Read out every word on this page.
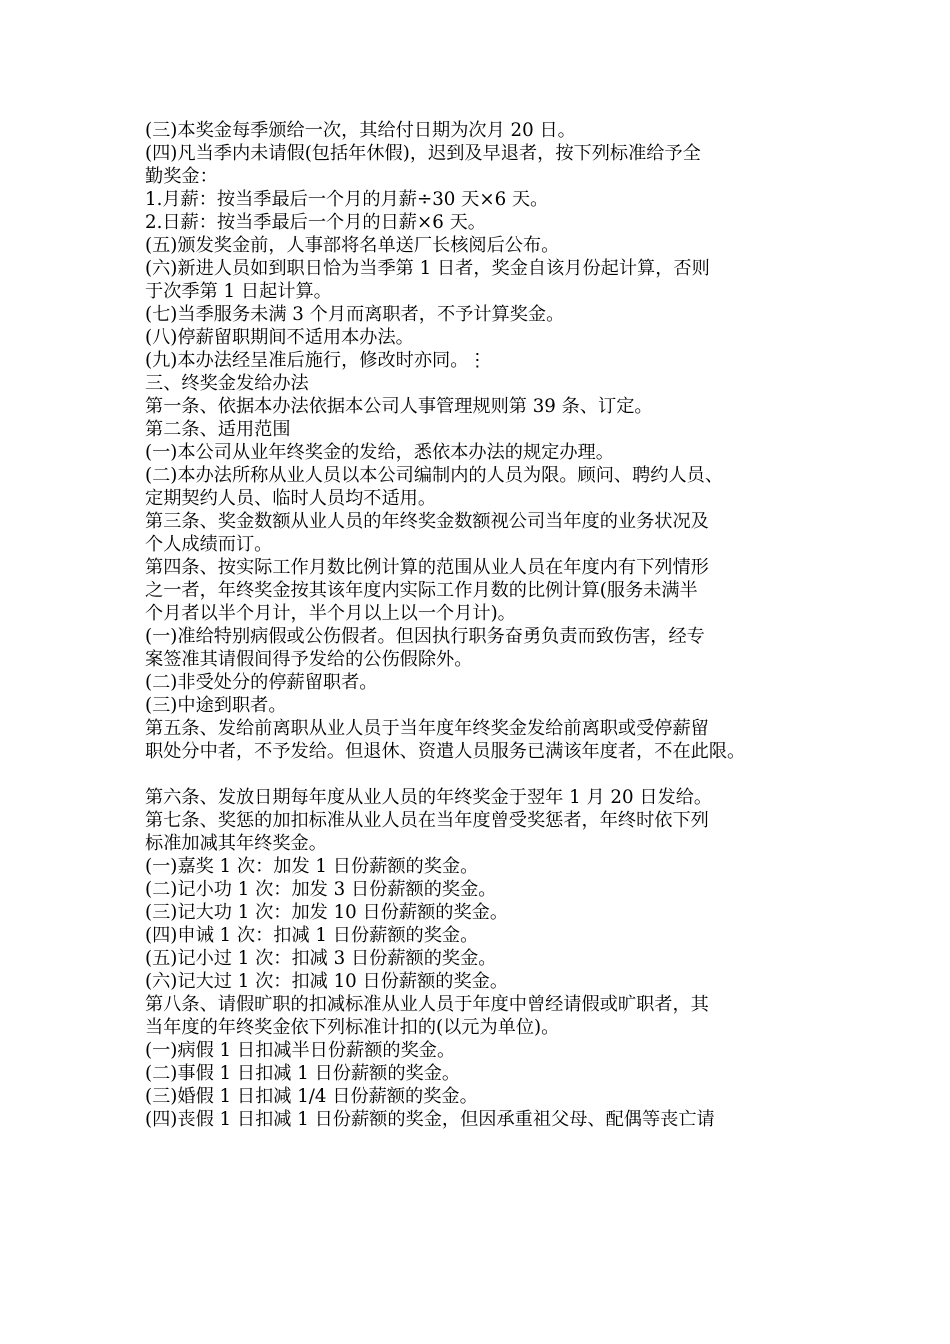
(三)本奖金每季颁给一次，其给付日期为次月 20 日。
(四)凡当季内未请假(包括年休假)，迟到及早退者，按下列标准给予全
勤奖金：
1.月薪：按当季最后一个月的月薪÷30 天×6 天。
2.日薪：按当季最后一个月的日薪×6 天。
(五)颁发奖金前，人事部将名单送厂长核阅后公布。
(六)新进人员如到职日恰为当季第 1 日者，奖金自该月份起计算，否则
于次季第 1 日起计算。
(七)当季服务未满 3 个月而离职者，不予计算奖金。
(八)停薪留职期间不适用本办法。
(九)本办法经呈准后施行，修改时亦同。⋮
三、终奖金发给办法
第一条、依据本办法依据本公司人事管理规则第 39 条、订定。
第二条、适用范围
(一)本公司从业年终奖金的发给，悉依本办法的规定办理。
(二)本办法所称从业人员以本公司编制内的人员为限。顾问、聘约人员、
定期契约人员、临时人员均不适用。
第三条、奖金数额从业人员的年终奖金数额视公司当年度的业务状况及
个人成绩而订。
第四条、按实际工作月数比例计算的范围从业人员在年度内有下列情形
之一者，年终奖金按其该年度内实际工作月数的比例计算(服务未满半
个月者以半个月计，半个月以上以一个月计)。
(一)准给特别病假或公伤假者。但因执行职务奋勇负责而致伤害，经专
案签准其请假间得予发给的公伤假除外。
(二)非受处分的停薪留职者。
(三)中途到职者。
第五条、发给前离职从业人员于当年度年终奖金发给前离职或受停薪留
职处分中者，不予发给。但退休、资遣人员服务已满该年度者，不在此限。
第六条、发放日期每年度从业人员的年终奖金于翌年 1 月 20 日发给。
第七条、奖惩的加扣标准从业人员在当年度曾受奖惩者，年终时依下列
标准加减其年终奖金。
(一)嘉奖 1 次：加发 1 日份薪额的奖金。
(二)记小功 1 次：加发 3 日份薪额的奖金。
(三)记大功 1 次：加发 10 日份薪额的奖金。
(四)申诫 1 次：扣减 1 日份薪额的奖金。
(五)记小过 1 次：扣减 3 日份薪额的奖金。
(六)记大过 1 次：扣减 10 日份薪额的奖金。
第八条、请假旷职的扣减标准从业人员于年度中曾经请假或旷职者，其
当年度的年终奖金依下列标准计扣的(以元为单位)。
(一)病假 1 日扣减半日份薪额的奖金。
(二)事假 1 日扣减 1 日份薪额的奖金。
(三)婚假 1 日扣减 1/4 日份薪额的奖金。
(四)丧假 1 日扣减 1 日份薪额的奖金，但因承重祖父母、配偶等丧亡请
